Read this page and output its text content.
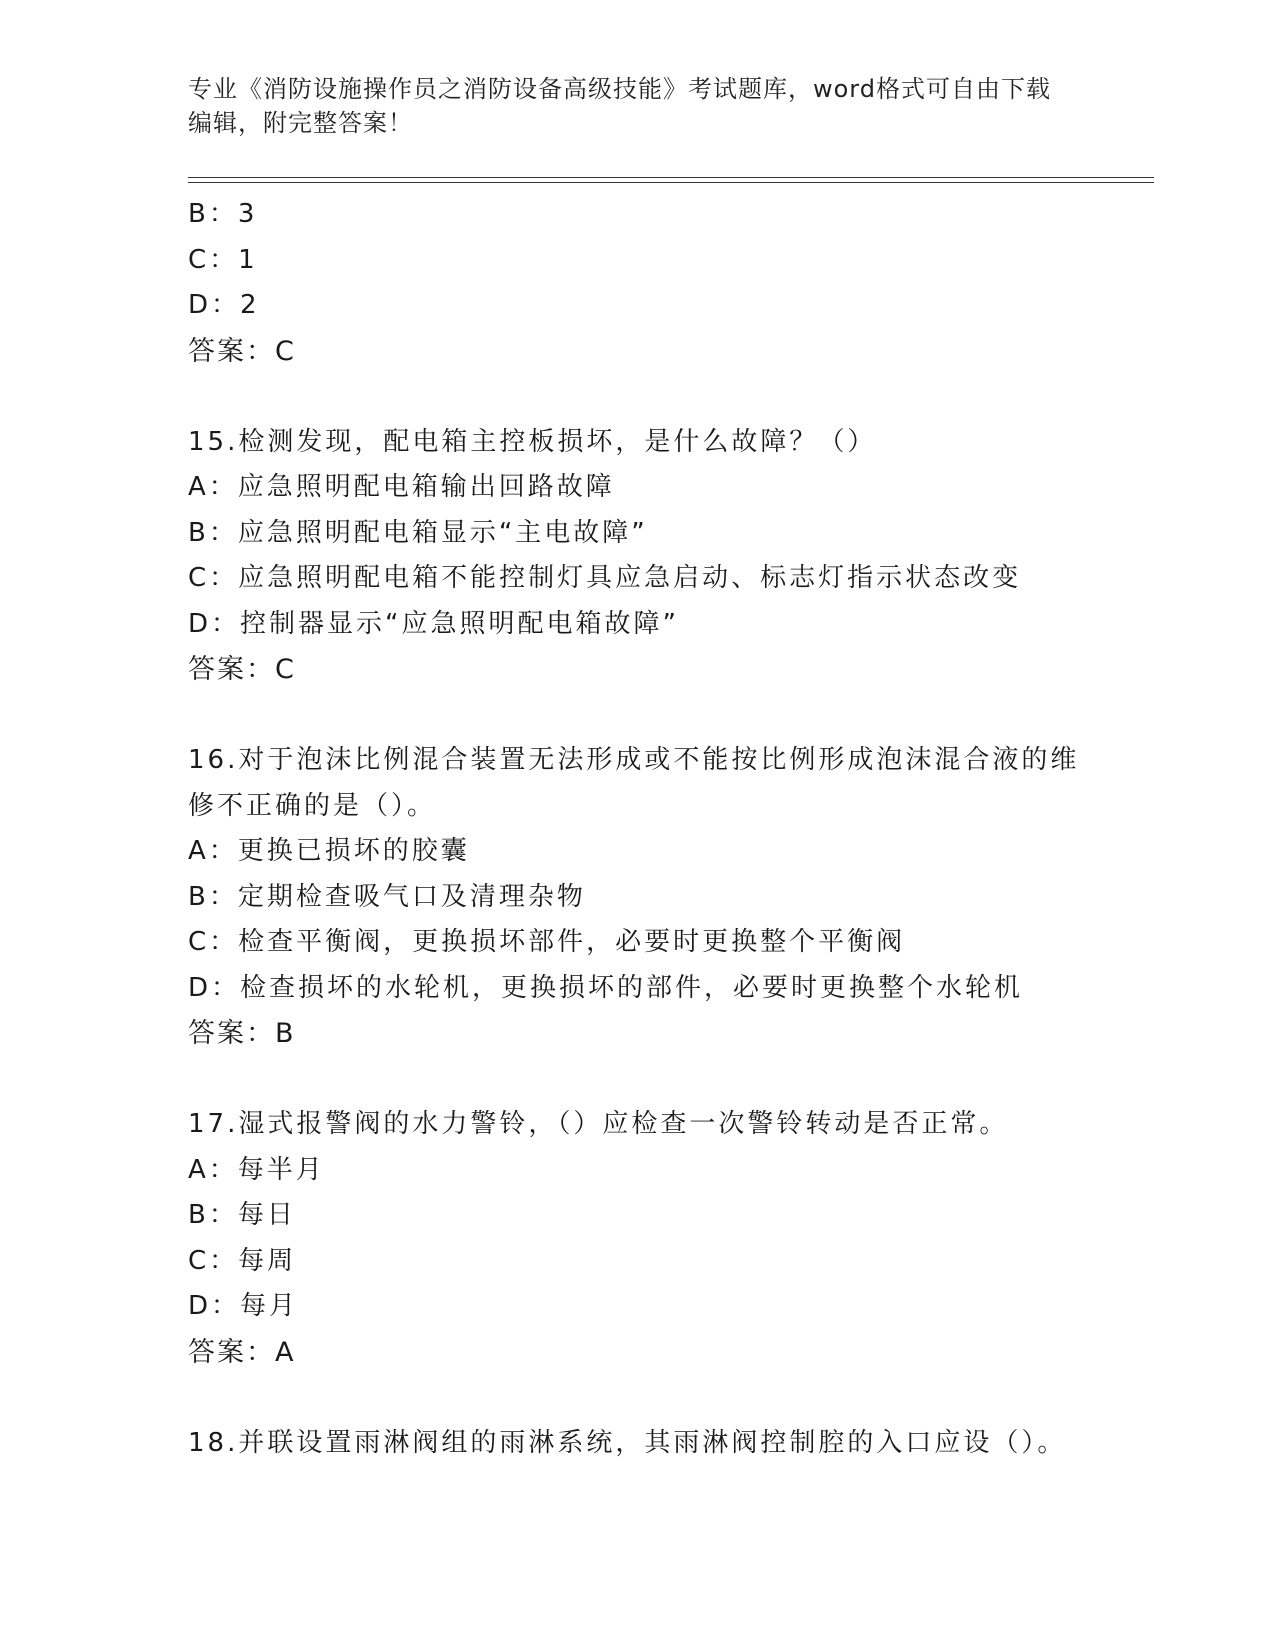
专业《消防设施操作员之消防设备高级技能》考试题库，word格式可自由下载编辑，附完整答案！
B：3
C：1
D：2
答案：C
15.检测发现，配电箱主控板损坏，是什么故障？（）
A：应急照明配电箱输出回路故障
B：应急照明配电箱显示“主电故障”
C：应急照明配电箱不能控制灯具应急启动、标志灯指示状态改变
D：控制器显示“应急照明配电箱故障”
答案：C
16.对于泡沫比例混合装置无法形成或不能按比例形成泡沫混合液的维修不正确的是（）。
A：更换已损坏的胶囊
B：定期检查吸气口及清理杂物
C：检查平衡阀，更换损坏部件，必要时更换整个平衡阀
D：检查损坏的水轮机，更换损坏的部件，必要时更换整个水轮机
答案：B
17.湿式报警阀的水力警铃，（）应检查一次警铃转动是否正常。
A：每半月
B：每日
C：每周
D：每月
答案：A
18.并联设置雨淋阀组的雨淋系统，其雨淋阀控制腔的入口应设（）。
